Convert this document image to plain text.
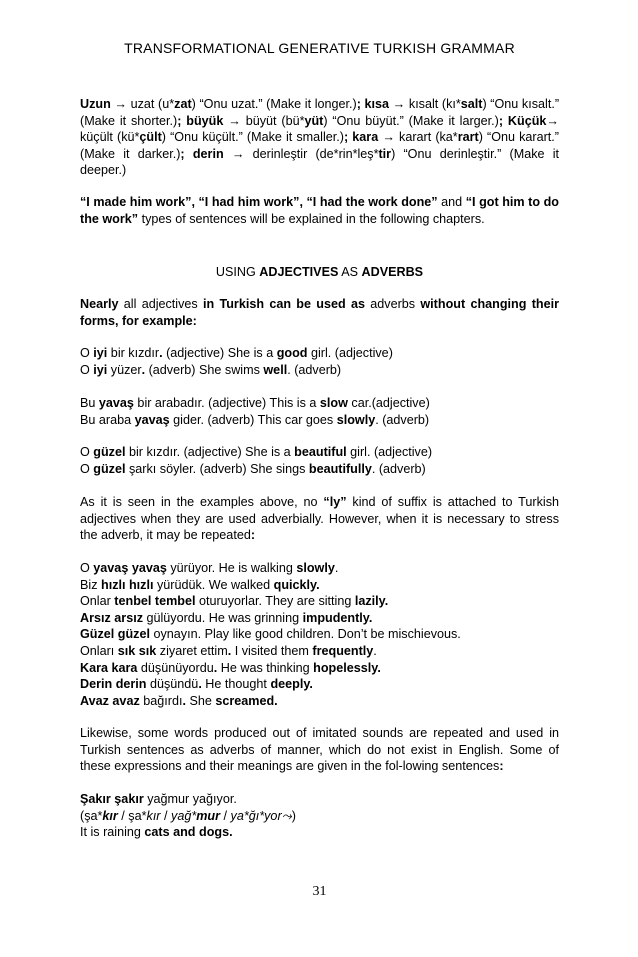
TRANSFORMATIONAL GENERATIVE TURKISH GRAMMAR
Uzun → uzat (u*zat) “Onu uzat.” (Make it longer.); kısa → kısalt (kı*salt) “Onu kısalt.” (Make it shorter.); büyük → büyüt (bü*yüt) “Onu büyüt.” (Make it larger.); Küçük→ küçült (kü*çült) “Onu küçült.” (Make it smaller.); kara → karart (ka*rart) “Onu karart.” (Make it darker.); derin → derinleştir (de*rin*leş*tir) “Onu derinleştir.” (Make it deeper.)
“I made him work”, “I had him work”, “I had the work done” and “I got him to do the work” types of sentences will be explained in the following chapters.
USING ADJECTIVES AS ADVERBS
Nearly all adjectives in Turkish can be used as adverbs without changing their forms, for example:
O iyi bir kızdır. (adjective) She is a good girl. (adjective)
O iyi yüzer. (adverb) She swims well. (adverb)
Bu yavaş bir arabadır. (adjective) This is a slow car.(adjective)
Bu araba yavaş gider. (adverb) This car goes slowly. (adverb)
O güzel bir kızdır. (adjective) She is a beautiful girl. (adjective)
O güzel şarkı söyler. (adverb) She sings beautifully. (adverb)
As it is seen in the examples above, no “ly” kind of suffix is attached to Turkish adjectives when they are used adverbially. However, when it is necessary to stress the adverb, it may be repeated:
O yavaş yavaş yürüyor. He is walking slowly.
Biz hızlı hızlı yürüdük. We walked quickly.
Onlar tenbel tembel oturuyorlar. They are sitting lazily.
Arsız arsız gülüyordu. He was grinning impudently.
Güzel güzel oynayın. Play like good children. Don’t be mischievous.
Onları sık sık ziyaret ettim. I visited them frequently.
Kara kara düşünüyordu. He was thinking hopelessly.
Derin derin düşündü. He thought deeply.
Avaz avaz bağırdı. She screamed.
Likewise, some words produced out of imitated sounds are repeated and used in Turkish sentences as adverbs of manner, which do not exist in English. Some of these expressions and their meanings are given in the fol-lowing sentences:
Şakır şakır yağmur yağıyor.
(şa*kır / şa*kır / yağ*mur / ya*ğı*yor⤳)
It is raining cats and dogs.
31
